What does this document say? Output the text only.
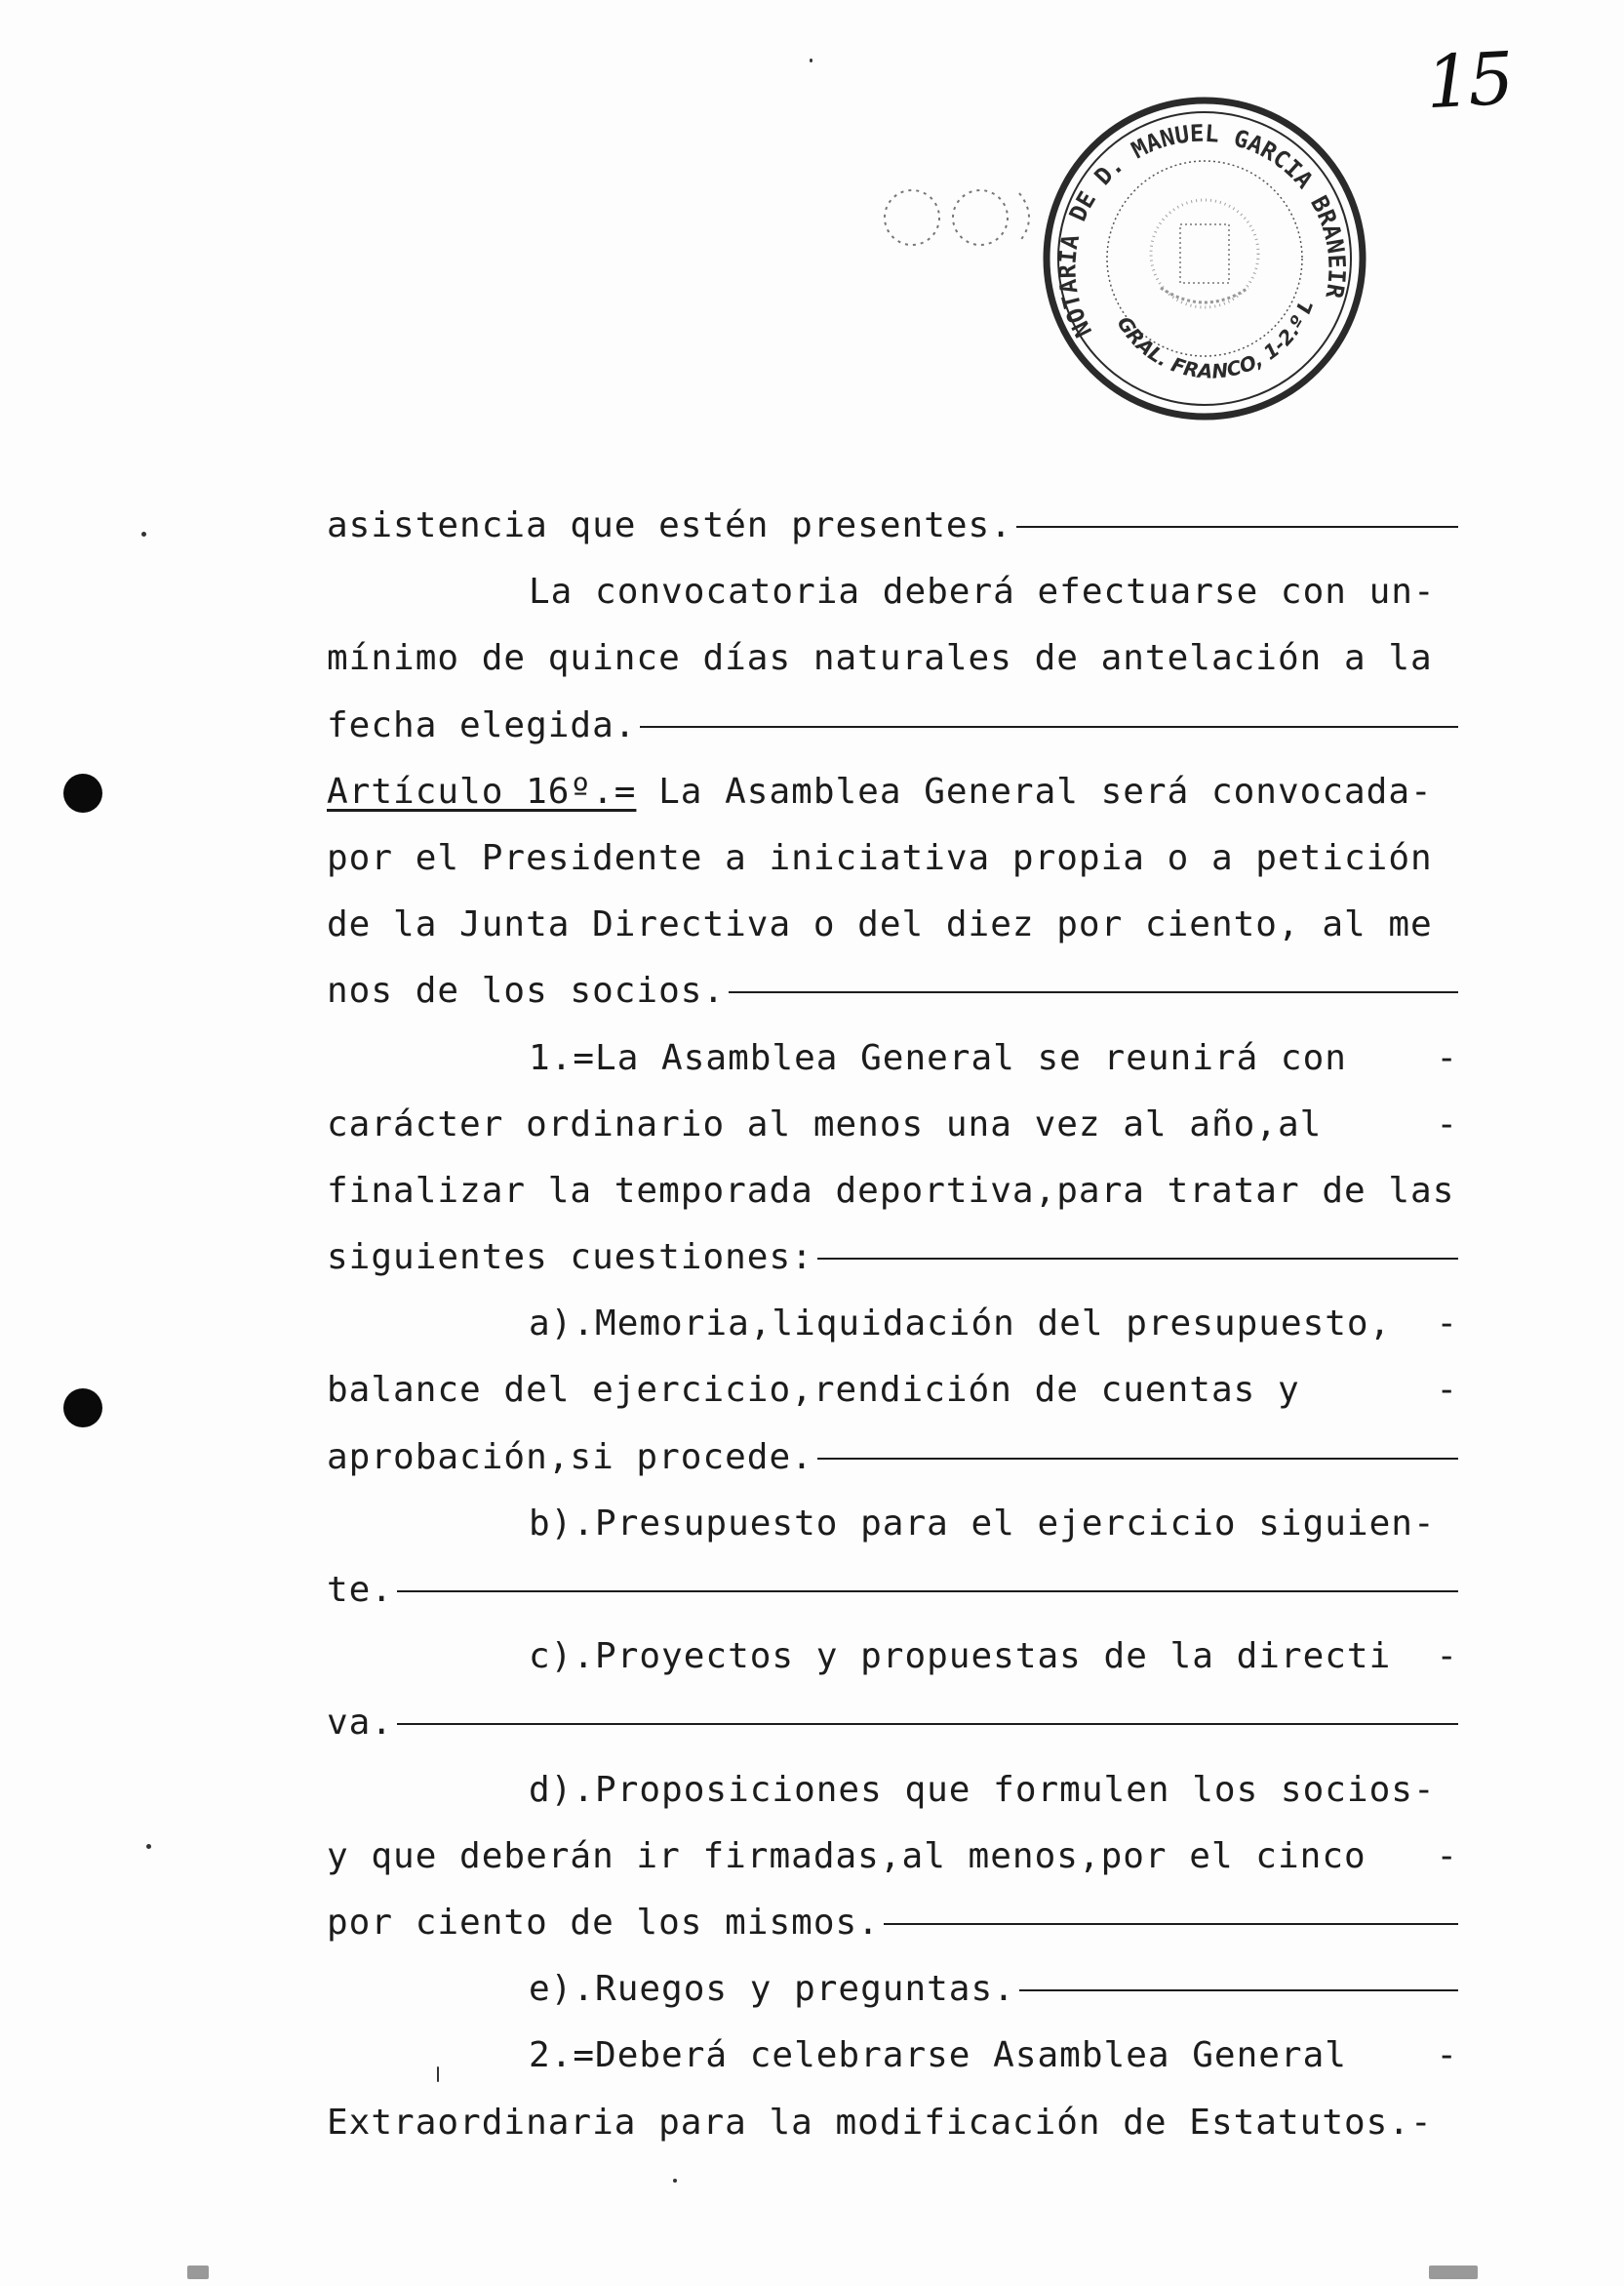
15
NOTARIA DE D. MANUEL GARCIA BRANEIR
GRAL. FRANCO, 1-2.º L
asistencia que estén presentes.
La convocatoria deberá efectuarse con un-
mínimo de quince días naturales de antelación a la
fecha elegida.
Artículo 16º.= La Asamblea General será convocada-
por el Presidente a iniciativa propia o a petición
de la Junta Directiva o del diez por ciento, al me
nos de los socios.
1.=La Asamblea General se reunirá con	-
carácter ordinario al menos una vez al año,al	-
finalizar la temporada deportiva,para tratar de las
siguientes cuestiones:
a).Memoria,liquidación del presupuesto, -
balance del ejercicio,rendición de cuentas y	-
aprobación,si procede.
b).Presupuesto para el ejercicio siguien-
te.
c).Proyectos y propuestas de la directi -
va.
d).Proposiciones que formulen los socios-
y que deberán ir firmadas,al menos,por el cinco -
por ciento de los mismos.
e).Ruegos y preguntas.
2.=Deberá celebrarse Asamblea General	-
Extraordinaria para la modificación de Estatutos.-
